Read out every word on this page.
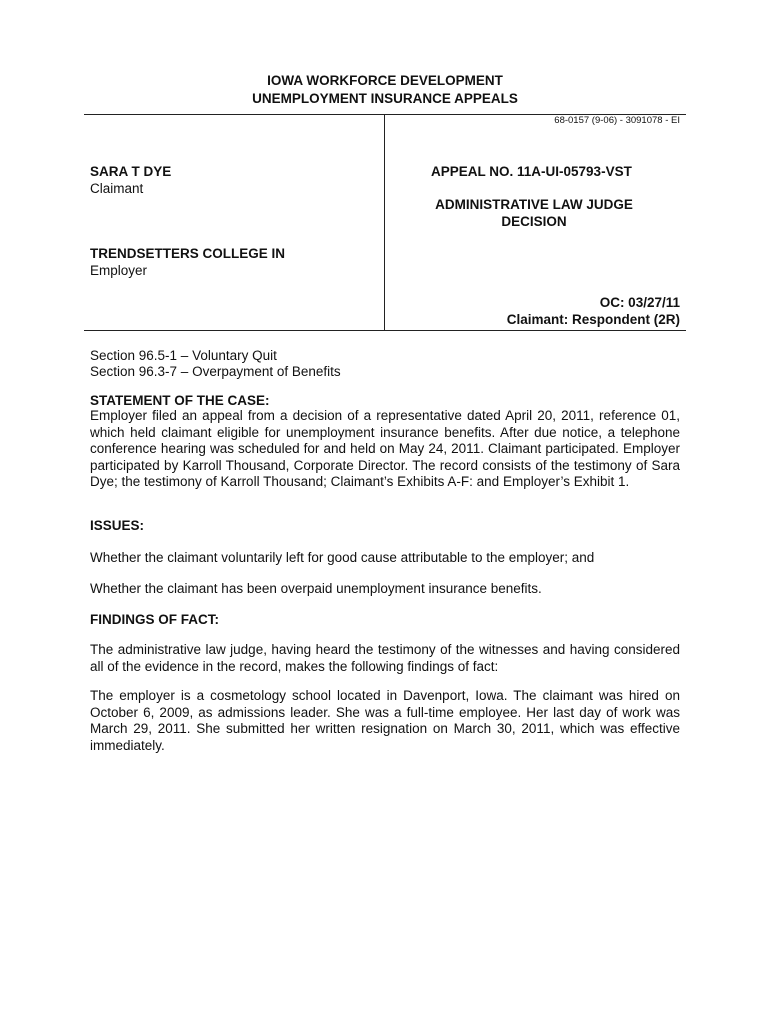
IOWA WORKFORCE DEVELOPMENT
UNEMPLOYMENT INSURANCE APPEALS
68-0157 (9-06) - 3091078 - EI
SARA T DYE
Claimant
TRENDSETTERS COLLEGE IN
Employer
APPEAL NO. 11A-UI-05793-VST
ADMINISTRATIVE LAW JUDGE
DECISION
OC: 03/27/11
Claimant: Respondent (2R)
Section 96.5-1 – Voluntary Quit
Section 96.3-7 – Overpayment of Benefits
STATEMENT OF THE CASE:
Employer filed an appeal from a decision of a representative dated April 20, 2011, reference 01, which held claimant eligible for unemployment insurance benefits. After due notice, a telephone conference hearing was scheduled for and held on May 24, 2011. Claimant participated. Employer participated by Karroll Thousand, Corporate Director. The record consists of the testimony of Sara Dye; the testimony of Karroll Thousand; Claimant’s Exhibits A-F: and Employer’s Exhibit 1.
ISSUES:
Whether the claimant voluntarily left for good cause attributable to the employer; and
Whether the claimant has been overpaid unemployment insurance benefits.
FINDINGS OF FACT:
The administrative law judge, having heard the testimony of the witnesses and having considered all of the evidence in the record, makes the following findings of fact:
The employer is a cosmetology school located in Davenport, Iowa. The claimant was hired on October 6, 2009, as admissions leader. She was a full-time employee. Her last day of work was March 29, 2011. She submitted her written resignation on March 30, 2011, which was effective immediately.
